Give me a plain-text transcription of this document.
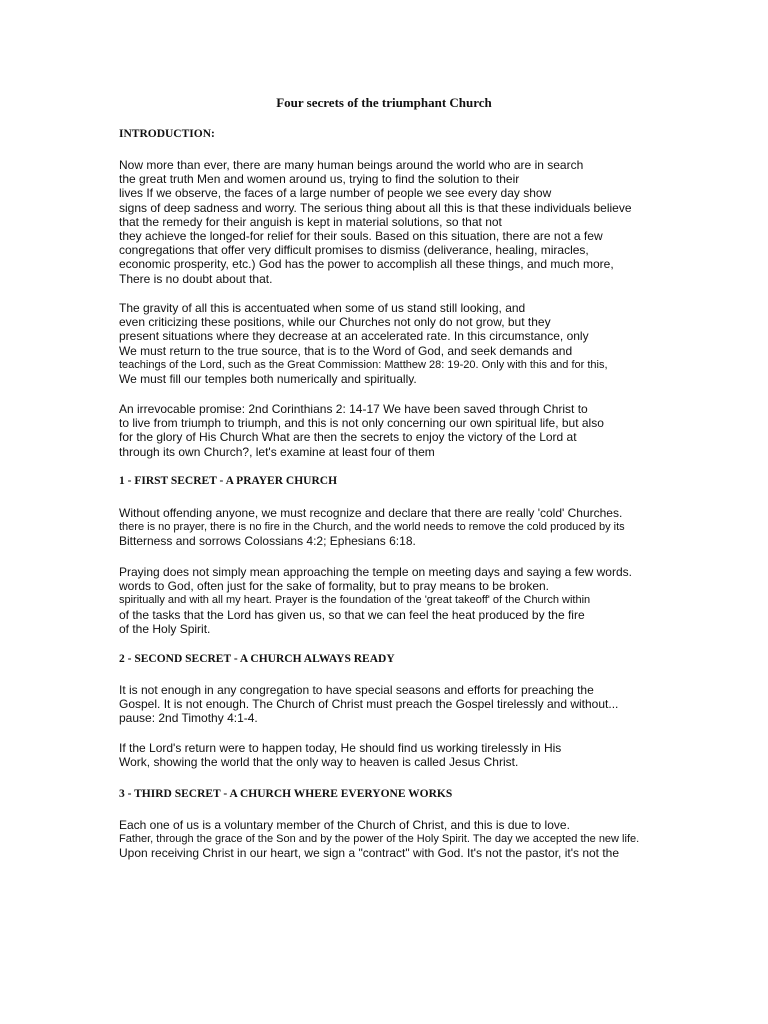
Four secrets of the triumphant Church
INTRODUCTION:

Now more than ever, there are many human beings around the world who are in search
the great truth Men and women around us, trying to find the solution to their
lives If we observe, the faces of a large number of people we see every day show
signs of deep sadness and worry. The serious thing about all this is that these individuals believe
that the remedy for their anguish is kept in material solutions, so that not
they achieve the longed-for relief for their souls. Based on this situation, there are not a few
congregations that offer very difficult promises to dismiss (deliverance, healing, miracles,
economic prosperity, etc.) God has the power to accomplish all these things, and much more,
There is no doubt about that.

The gravity of all this is accentuated when some of us stand still looking, and
even criticizing these positions, while our Churches not only do not grow, but they
present situations where they decrease at an accelerated rate. In this circumstance, only
We must return to the true source, that is to the Word of God, and seek demands and
teachings of the Lord, such as the Great Commission: Matthew 28: 19-20. Only with this and for this,
We must fill our temples both numerically and spiritually.

An irrevocable promise: 2nd Corinthians 2: 14-17 We have been saved through Christ to
to live from triumph to triumph, and this is not only concerning our own spiritual life, but also
for the glory of His Church What are then the secrets to enjoy the victory of the Lord at
through its own Church?, let's examine at least four of them

1 - FIRST SECRET - A PRAYER CHURCH

Without offending anyone, we must recognize and declare that there are really 'cold' Churches.
there is no prayer, there is no fire in the Church, and the world needs to remove the cold produced by its
Bitterness and sorrows Colossians 4:2; Ephesians 6:18.

Praying does not simply mean approaching the temple on meeting days and saying a few words.
words to God, often just for the sake of formality, but to pray means to be broken.
spiritually and with all my heart. Prayer is the foundation of the 'great takeoff' of the Church within
of the tasks that the Lord has given us, so that we can feel the heat produced by the fire
of the Holy Spirit.

2 - SECOND SECRET - A CHURCH ALWAYS READY

It is not enough in any congregation to have special seasons and efforts for preaching the
Gospel. It is not enough. The Church of Christ must preach the Gospel tirelessly and without...
pause: 2nd Timothy 4:1-4.

If the Lord's return were to happen today, He should find us working tirelessly in His
Work, showing the world that the only way to heaven is called Jesus Christ.

3 - THIRD SECRET - A CHURCH WHERE EVERYONE WORKS

Each one of us is a voluntary member of the Church of Christ, and this is due to love.
Father, through the grace of the Son and by the power of the Holy Spirit. The day we accepted the new life.
Upon receiving Christ in our heart, we sign a "contract" with God. It's not the pastor, it's not the
